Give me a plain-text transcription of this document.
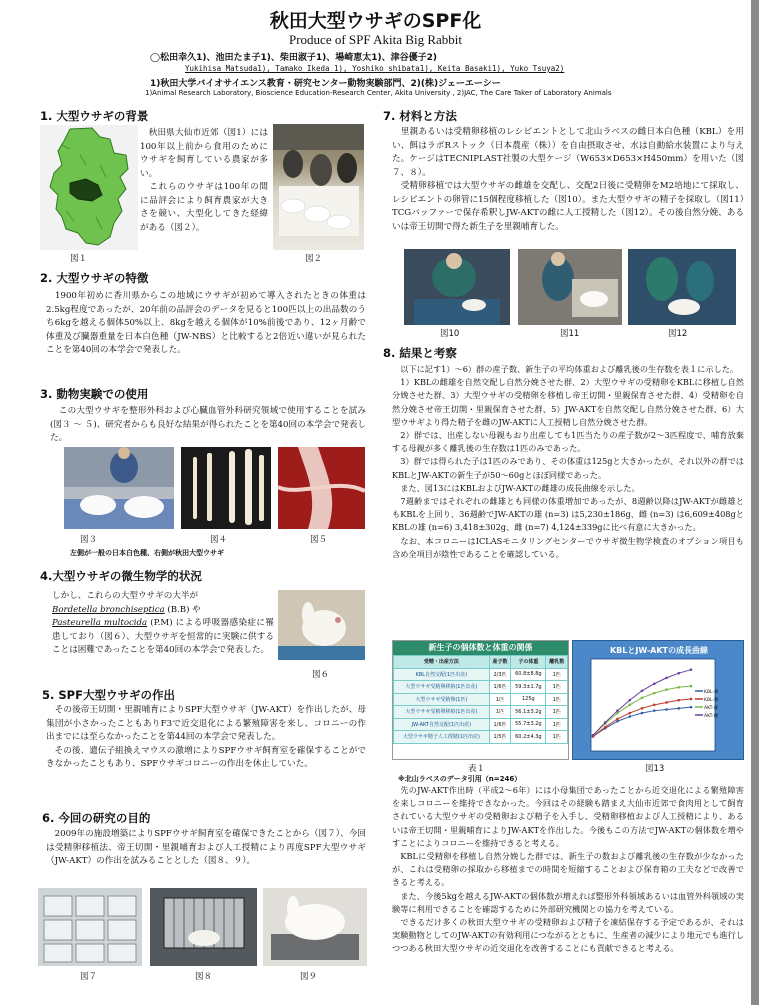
秋田大型ウサギのSPF化
Produce of SPF Akita Big Rabbit
◯松田幸久1)、池田たま子1)、柴田淑子1)、場崎恵太1)、津谷優子2)
Yukihisa Matsuda1), Tamako Ikeda 1), Yoshiko shibata1), Keita Basaki1), Yuko Tsuya2)
1)秋田大学バイオサイエンス教育・研究センター動物実験部門、2)(株)ジェーエーシー
1)Animal Research Laboratory, Bioscience Education-Research Center, Akita University , 2)JAC, The Care Taker of Laboratory Animals
1. 大型ウサギの背景
図１
　秋田県大仙市近郊（図1）には100年以上前から食用のためにウサギを飼育している農家が多い。
　これらのウサギは100年の間に品評会により飼育農家が大きさを競い、大型化してきた経緯がある（図２）。
図２
2. 大型ウサギの特徴
　1900年初めに香川県からこの地域にウサギが初めて導入されたときの体重は2.5kg程度であったが、20年前の品評会のデータを見ると100匹以上の出品数のうち6kgを越える個体50%以上、8kgを越える個体が10%前後であり、12ヶ月齢で体重及び臓器重量を日本白色種（JW-NBS）と比較すると2倍近い違いが見られたことを第40回の本学会で発表した。
3. 動物実験での使用
　この大型ウサギを整形外科および心臓血管外科研究領域で使用することを試み(図３ ～ ５)、研究者からも良好な結果が得られたことを第40回の本学会で発表した。
図３	図４	図５
左側が一般の日本白色種、右側が秋田大型ウサギ
4.大型ウサギの微生物学的状況
しかし、これらの大型ウサギの大半が
Bordetella bronchiseptica (B.B) や
Pasteurella multocida (P.M) による呼吸器感染症に罹患しており（図６）、大型ウサギを恒常的に実験に供することは困難であったことを第40回の本学会で発表した。
図６
5. SPF大型ウサギの作出
　その後帝王切開・里親哺育によりSPF大型ウサギ（JW-AKT）を作出したが、母集団が小さかったこともありF3で近交退化による繁殖障害を来し、コロニーの作出までには至らなかったことを第44回の本学会で発表した。
　その後、遺伝子組換えマウスの激増によりSPFウサギ飼育室を確保することができなかったこともあり、SPFウサギコロニーの作出を休止していた。
6. 今回の研究の目的
　2009年の施設増築によりSPFウサギ飼育室を確保できたことから（図７）、今回は受精卵移植法、帝王切開・里親哺育および人工授精により再度SPF大型ウサギ（JW-AKT）の作出を試みることとした（図８、９）。
図７	図８	図９
7. 材料と方法
　里親あるいは受精卵移植のレシピエントとして北山ラベスの雌日本白色種（KBL）を用い、餌はラボRストック（日本農産（株））を自由摂取させ、水は自動給水装置により与えた。ケージはTECNIPLAST社製の大型ケージ（W653×D653×H450mm）を用いた（図７、８）。
　受精卵移植では大型ウサギの雌雄を交配し、交配2日後に受精卵をM2培地にて採取し、レシピエントの卵管に15個程度移植した（図10）。また大型ウサギの精子を採取し（図11）TCGバッファーで保存希釈しJW-AKTの雌に人工授精した（図12）。その後自然分娩、あるいは帝王切開で得た新生子を里親哺育した。
図10	図11	図12
8. 結果と考察
　以下に記す1）～6）群の産子数、新生子の平均体重および離乳後の生存数を表１に示した。
　1）KBLの雌雄を自然交配し自然分娩させた群、2）大型ウサギの受精卵をKBLに移植し自然分娩させた群、3）大型ウサギの受精卵を移植し帝王切開・里親保育させた群、4）受精卵を自然分娩させ帝王切開・里親保育させた群、5）JW-AKTを自然交配し自然分娩させた群、6）大型ウサギより得た精子を雌のJW-AKTに人工授精し自然分娩させた群。
　2）群では、出産しない母親もおり出産しても1匹当たりの産子数が2～3匹程度で、哺育放棄する母親が多く離乳後の生存数は1匹のみであった。
　3）群では得られた子は1匹のみであり、その体重は125gと大きかったが、それ以外の群ではKBLとJW-AKTの新生子が50～60gとほぼ同様であった。
　また、図13にはKBLおよびJW-AKTの雌雄の成長曲線を示した。
　7週齢まではそれぞれの雌雄とも同様の体重増加であったが、8週齢以降はJW-AKTが雌雄ともKBLを上回り、36週齢でJW-AKTの雄 (n=3) は5,230±186g、雌 (n=3) は6,609±408gとKBLの雄 (n=6) 3,418±302g、雌 (n=7) 4,124±339gに比べ有意に大きかった。
　なお、本コロニーはICLASモニタリングセンターでウサギ微生物学検査のオプション項目も含め全項目が陰性であることを確認している。
新生子の個体数と体重の関係
受精・出産方法	産子数	子の体重	離乳数
KBL自然交配(1匹出産)	2/3匹	60.8±8.8g	1匹
大型ウサギ受精卵移植(1匹出産)	1/6匹	59.3±1.7g	1匹
大型ウサギ受精卵(1匹)	1匹	125g	1匹
大型ウサギ受精卵移植(1匹出産)	1匹	56.1±3.2g	1匹
JW-AKT自然交配(1匹出産)	1/6匹	55.7±3.2g	1匹
大型ウサギ精子人工授精(1匹出産)	1/5匹	60.2±4.3g	1匹
表１
※北山ラベスのデータ引用（n=246）
KBLとJW-AKTの成長曲線
KBL-雄
KBL-雌
AKT-雄
AKT-雌
図13
　先のJW-AKT作出時（平成2～6年）には小母集団であったことから近交退化による繁殖障害を来しコロニーを維持できなかった。今回はその経験も踏まえ大仙市近郊で食肉用として飼育されている大型ウサギの受精卵および精子を入手し、受精卵移植および人工授精により、あるいは帝王切開・里親哺育によりJW-AKTを作出した。今後もこの方法でJW-AKTの個体数を増やすことによりコロニーを維持できると考える。
　KBLに受精卵を移植し自然分娩した群では、新生子の数および離乳後の生存数が少なかったが、これは受精卵の採取から移植までの時間を短縮することおよび保育箱の工夫などで改善できると考える。
　また、今後5kgを越えるJW-AKTの個体数が増えれば整形外科領域あるいは血管外科領域の実験等に利用できることを確認するために外部研究機関との協力を考えている。
　できるだけ多くの秋田大型ウサギの受精卵および精子を凍結保存する予定であるが、それは実験動物としてのJW-AKTの有効利用につながるとともに、生産者の減少により地元でも進行しつつある秋田大型ウサギの近交退化を改善することにも貢献できると考える。
